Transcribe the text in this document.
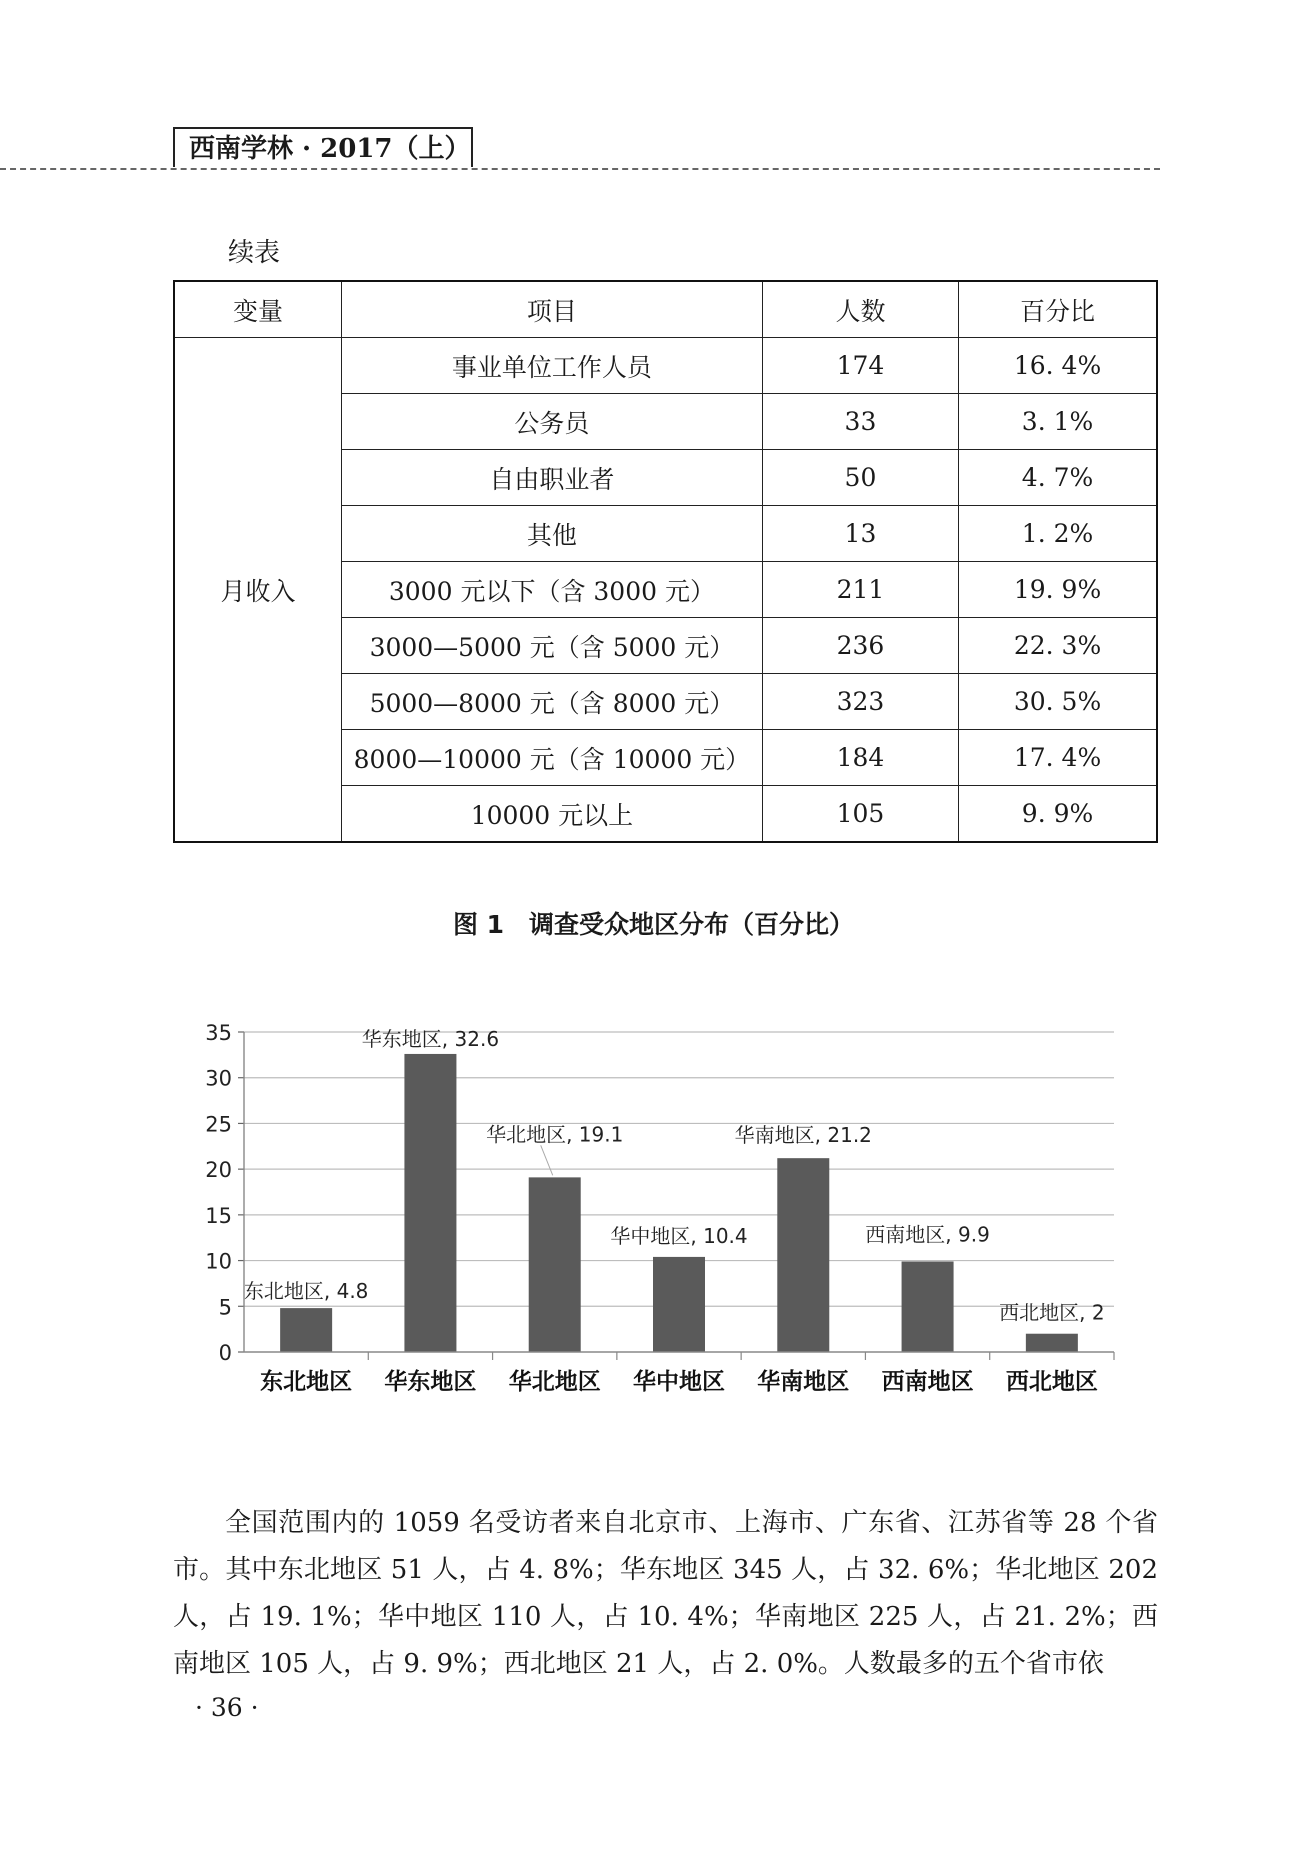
西南学林 · 2017（上）
续表
变量	项目	人数	百分比
月收入	事业单位工作人员	174	16. 4%
	公务员	33	3. 1%
	自由职业者	50	4. 7%
	其他	13	1. 2%
	3000 元以下（含 3000 元）	211	19. 9%
	3000—5000 元（含 5000 元）	236	22. 3%
	5000—8000 元（含 8000 元）	323	30. 5%
	8000—10000 元（含 10000 元）	184	17. 4%
	10000 元以上	105	9. 9%
图 1　调查受众地区分布（百分比）
东北地区, 4.8
华东地区, 32.6
华北地区, 19.1
华中地区, 10.4
华南地区, 21.2
西南地区, 9.9
西北地区, 2
0
5
10
15
20
25
30
35
东北地区 华东地区 华北地区 华中地区 华南地区 西南地区 西北地区

全国范围内的 1059 名受访者来自北京市、上海市、广东省、江苏省等 28 个省市。其中东北地区 51 人，占 4. 8%；华东地区 345 人，占 32. 6%；华北地区 202 人，占 19. 1%；华中地区 110 人，占 10. 4%；华南地区 225 人，占 21. 2%；西南地区 105 人，占 9. 9%；西北地区 21 人，占 2. 0%。人数最多的五个省市依

· 36 ·
